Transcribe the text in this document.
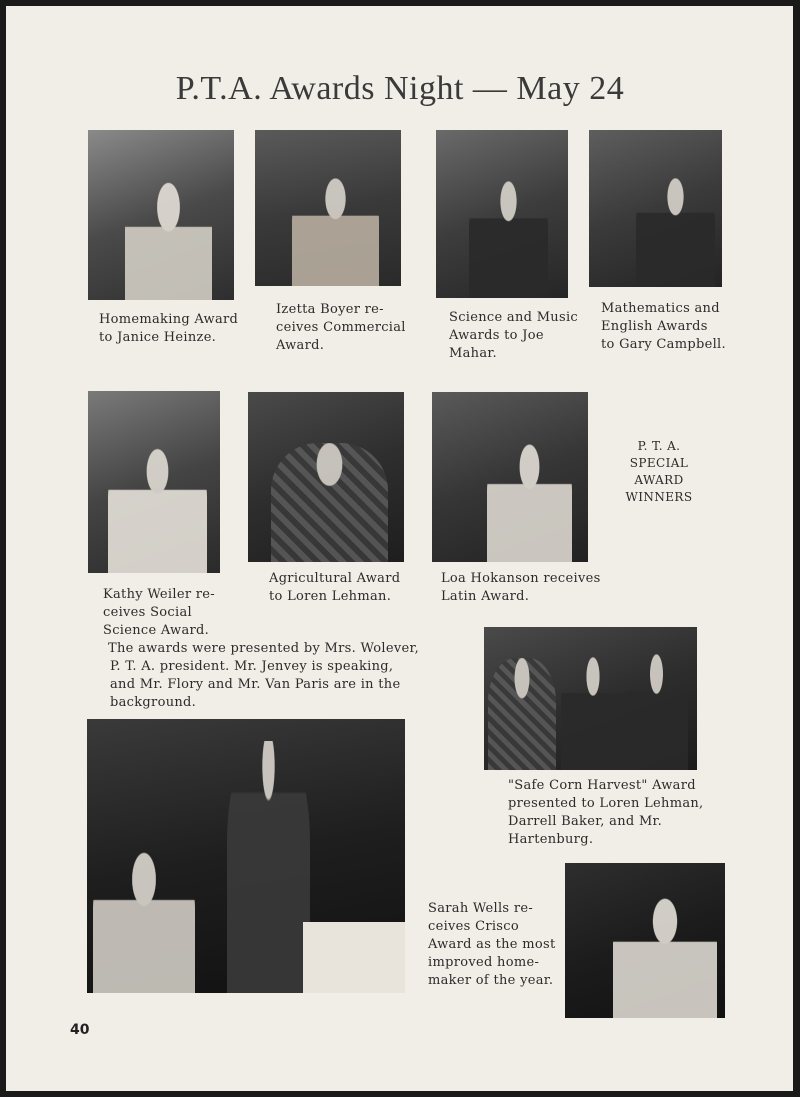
P.T.A. Awards Night — May 24
Homemaking Award
to Janice Heinze.
Izetta Boyer re-
ceives Commercial
Award.
Science and Music
Awards to Joe
Mahar.
Mathematics and
English Awards
to Gary Campbell.
P. T. A.
SPECIAL
AWARD
WINNERS
Kathy Weiler re-
ceives Social
Science Award.
Agricultural Award
to Loren Lehman.
Loa Hokanson receives
Latin Award.
The awards were presented by Mrs. Wolever,
P. T. A. president. Mr. Jenvey is speaking,
and Mr. Flory and Mr. Van Paris are in the
background.
"Safe Corn Harvest" Award
presented to Loren Lehman,
Darrell Baker, and Mr.
Hartenburg.
Sarah Wells re-
ceives Crisco
Award as the most
improved home-
maker of the year.
40
